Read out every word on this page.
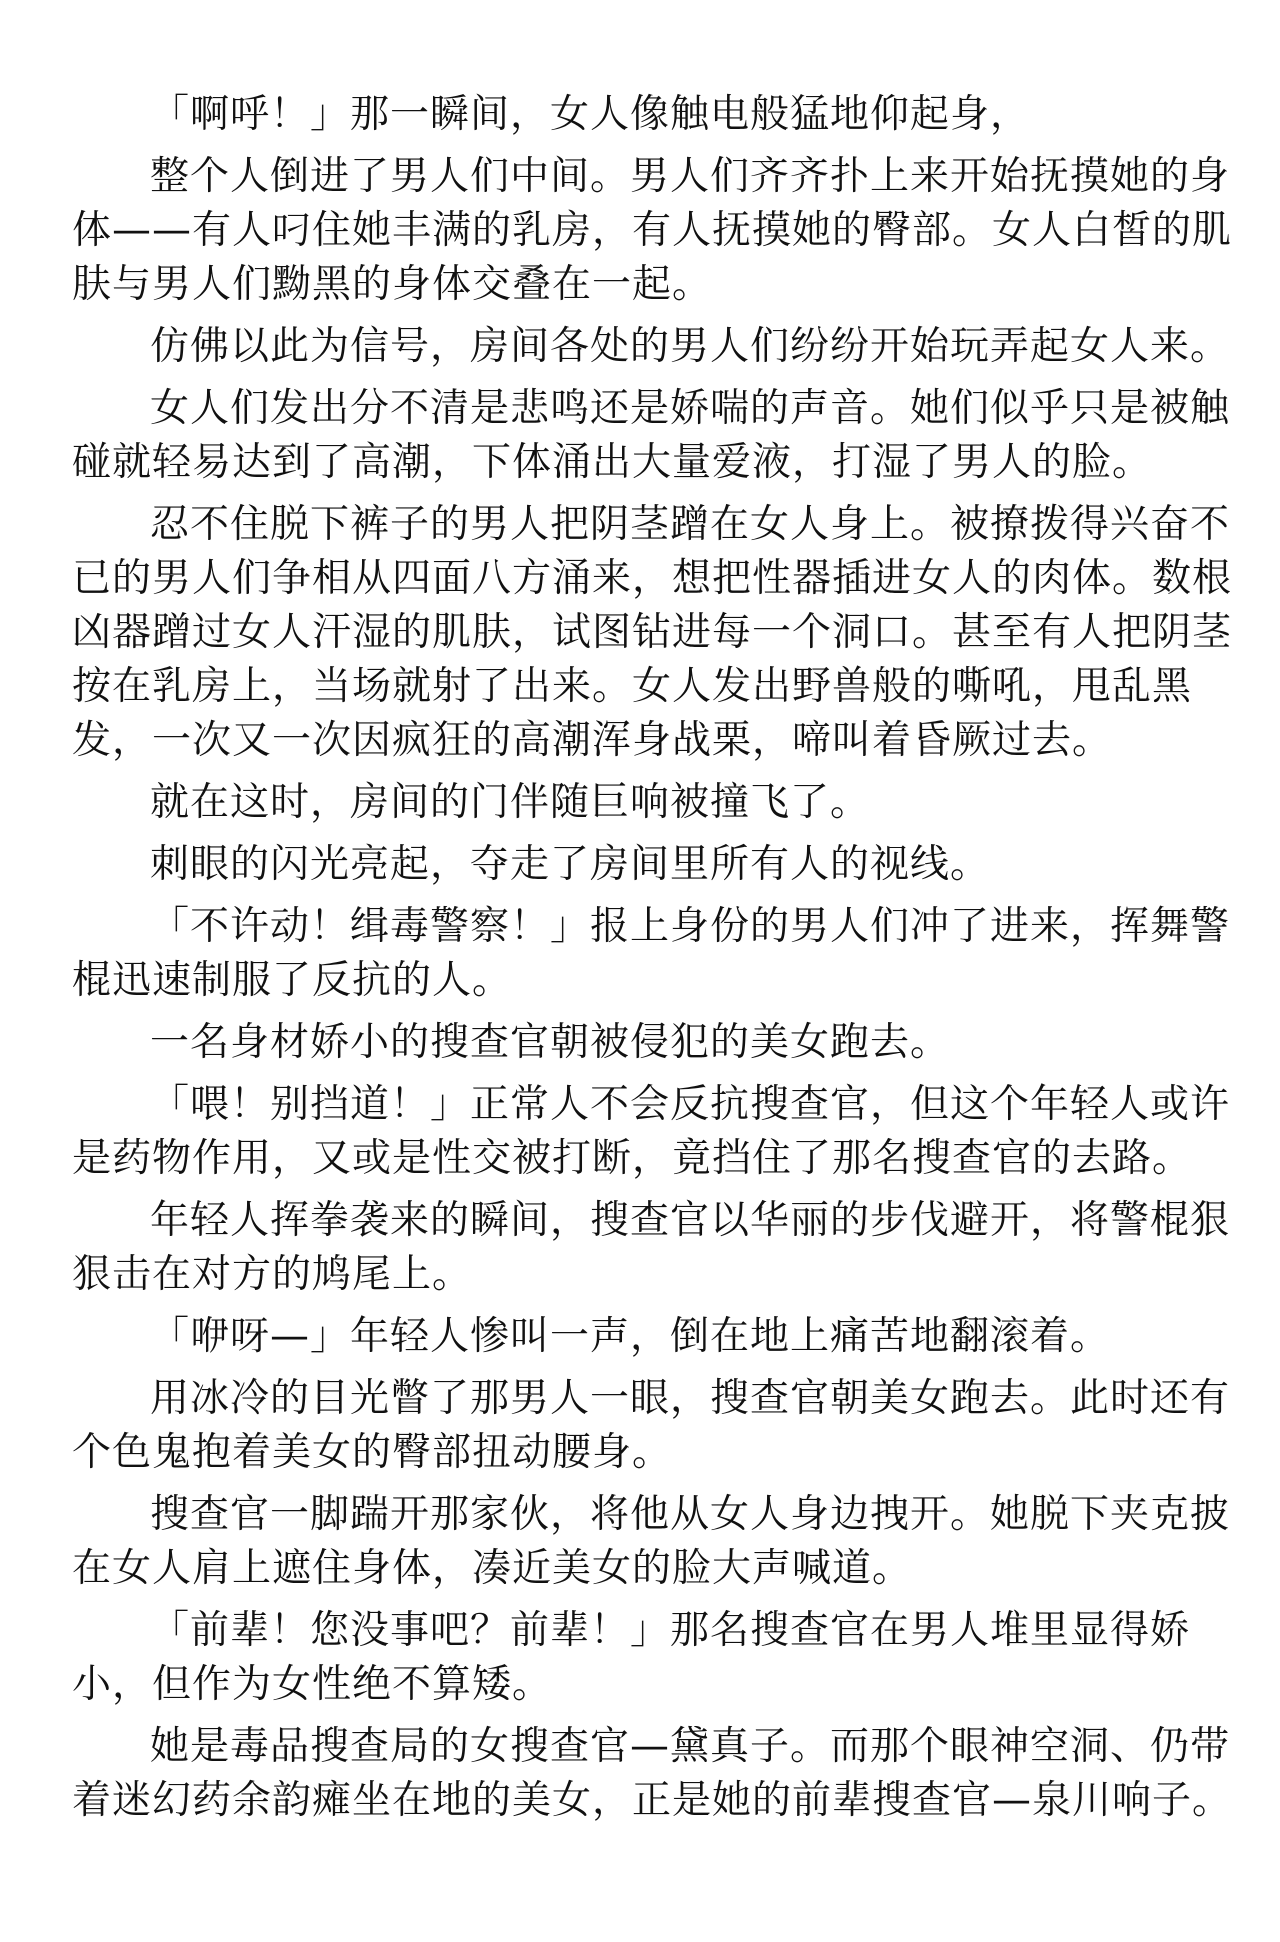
「啊呼！」那一瞬间，女人像触电般猛地仰起身，
整个人倒进了男人们中间。男人们齐齐扑上来开始抚摸她的身
体——有人叼住她丰满的乳房，有人抚摸她的臀部。女人白皙的肌
肤与男人们黝黑的身体交叠在一起。
仿佛以此为信号，房间各处的男人们纷纷开始玩弄起女人来。
女人们发出分不清是悲鸣还是娇喘的声音。她们似乎只是被触
碰就轻易达到了高潮，下体涌出大量爱液，打湿了男人的脸。
忍不住脱下裤子的男人把阴茎蹭在女人身上。被撩拨得兴奋不
已的男人们争相从四面八方涌来，想把性器插进女人的肉体。数根
凶器蹭过女人汗湿的肌肤，试图钻进每一个洞口。甚至有人把阴茎
按在乳房上，当场就射了出来。女人发出野兽般的嘶吼，甩乱黑
发，一次又一次因疯狂的高潮浑身战栗，啼叫着昏厥过去。
就在这时，房间的门伴随巨响被撞飞了。
刺眼的闪光亮起，夺走了房间里所有人的视线。
「不许动！缉毒警察！」报上身份的男人们冲了进来，挥舞警
棍迅速制服了反抗的人。
一名身材娇小的搜查官朝被侵犯的美女跑去。
「喂！别挡道！」正常人不会反抗搜查官，但这个年轻人或许
是药物作用，又或是性交被打断，竟挡住了那名搜查官的去路。
年轻人挥拳袭来的瞬间，搜查官以华丽的步伐避开，将警棍狠
狠击在对方的鸠尾上。
「咿呀—」年轻人惨叫一声，倒在地上痛苦地翻滚着。
用冰冷的目光瞥了那男人一眼，搜查官朝美女跑去。此时还有
个色鬼抱着美女的臀部扭动腰身。
搜查官一脚踹开那家伙，将他从女人身边拽开。她脱下夹克披
在女人肩上遮住身体，凑近美女的脸大声喊道。
「前辈！您没事吧？前辈！」那名搜查官在男人堆里显得娇
小，但作为女性绝不算矮。
她是毒品搜查局的女搜查官—黛真子。而那个眼神空洞、仍带
着迷幻药余韵瘫坐在地的美女，正是她的前辈搜查官—泉川响子。
